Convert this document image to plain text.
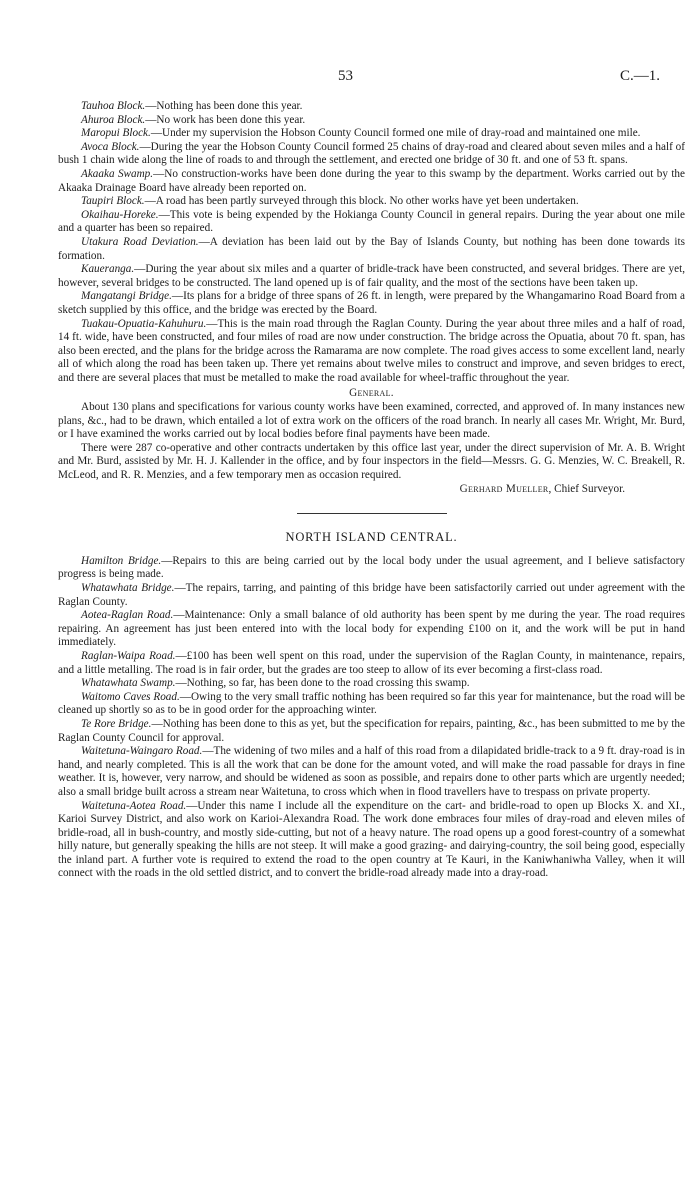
53	C.—1.

Tauhoa Block.—Nothing has been done this year.

Ahuroa Block.—No work has been done this year.

Maropui Block.—Under my supervision the Hobson County Council formed one mile of dray-road and maintained one mile.

Avoca Block.—During the year the Hobson County Council formed 25 chains of dray-road and cleared about seven miles and a half of bush 1 chain wide along the line of roads to and through the settlement, and erected one bridge of 30 ft. and one of 53 ft. spans.

Akaaka Swamp.—No construction-works have been done during the year to this swamp by the department. Works carried out by the Akaaka Drainage Board have already been reported on.

Taupiri Block.—A road has been partly surveyed through this block. No other works have yet been undertaken.

Okaihau-Horeke.—This vote is being expended by the Hokianga County Council in general repairs. During the year about one mile and a quarter has been so repaired.

Utakura Road Deviation.—A deviation has been laid out by the Bay of Islands County, but nothing has been done towards its formation.

Kaueranga.—During the year about six miles and a quarter of bridle-track have been constructed, and several bridges. There are yet, however, several bridges to be constructed. The land opened up is of fair quality, and the most of the sections have been taken up.

Mangatangi Bridge.—Its plans for a bridge of three spans of 26 ft. in length, were prepared by the Whangamarino Road Board from a sketch supplied by this office, and the bridge was erected by the Board.

Tuakau-Opuatia-Kahuhuru.—This is the main road through the Raglan County. During the year about three miles and a half of road, 14 ft. wide, have been constructed, and four miles of road are now under construction. The bridge across the Opuatia, about 70 ft. span, has also been erected, and the plans for the bridge across the Ramarama are now complete. The road gives access to some excellent land, nearly all of which along the road has been taken up. There yet remains about twelve miles to construct and improve, and seven bridges to erect, and there are several places that must be metalled to make the road available for wheel-traffic throughout the year.

General.

About 130 plans and specifications for various county works have been examined, corrected, and approved of. In many instances new plans, &c., had to be drawn, which entailed a lot of extra work on the officers of the road branch. In nearly all cases Mr. Wright, Mr. Burd, or I have examined the works carried out by local bodies before final payments have been made.

There were 287 co-operative and other contracts undertaken by this office last year, under the direct supervision of Mr. A. B. Wright and Mr. Burd, assisted by Mr. H. J. Kallender in the office, and by four inspectors in the field—Messrs. G. G. Menzies, W. C. Breakell, R. McLeod, and R. R. Menzies, and a few temporary men as occasion required.

Gerhard Mueller, Chief Surveyor.

NORTH ISLAND CENTRAL.

Hamilton Bridge.—Repairs to this are being carried out by the local body under the usual agreement, and I believe satisfactory progress is being made.

Whatawhata Bridge.—The repairs, tarring, and painting of this bridge have been satisfactorily carried out under agreement with the Raglan County.

Aotea-Raglan Road.—Maintenance: Only a small balance of old authority has been spent by me during the year. The road requires repairing. An agreement has just been entered into with the local body for expending £100 on it, and the work will be put in hand immediately.

Raglan-Waipa Road.—£100 has been well spent on this road, under the supervision of the Raglan County, in maintenance, repairs, and a little metalling. The road is in fair order, but the grades are too steep to allow of its ever becoming a first-class road.

Whatawhata Swamp.—Nothing, so far, has been done to the road crossing this swamp.

Waitomo Caves Road.—Owing to the very small traffic nothing has been required so far this year for maintenance, but the road will be cleaned up shortly so as to be in good order for the approaching winter.

Te Rore Bridge.—Nothing has been done to this as yet, but the specification for repairs, painting, &c., has been submitted to me by the Raglan County Council for approval.

Waitetuna-Waingaro Road.—The widening of two miles and a half of this road from a dilapidated bridle-track to a 9 ft. dray-road is in hand, and nearly completed. This is all the work that can be done for the amount voted, and will make the road passable for drays in fine weather. It is, however, very narrow, and should be widened as soon as possible, and repairs done to other parts which are urgently needed; also a small bridge built across a stream near Waitetuna, to cross which when in flood travellers have to trespass on private property.

Waitetuna-Aotea Road.—Under this name I include all the expenditure on the cart- and bridle-road to open up Blocks X. and XI., Karioi Survey District, and also work on Karioi-Alexandra Road. The work done embraces four miles of dray-road and eleven miles of bridle-road, all in bush-country, and mostly side-cutting, but not of a heavy nature. The road opens up a good forest-country of a somewhat hilly nature, but generally speaking the hills are not steep. It will make a good grazing- and dairying-country, the soil being good, especially the inland part. A further vote is required to extend the road to the open country at Te Kauri, in the Kaniwhaniwha Valley, when it will connect with the roads in the old settled district, and to convert the bridle-road already made into a dray-road.
